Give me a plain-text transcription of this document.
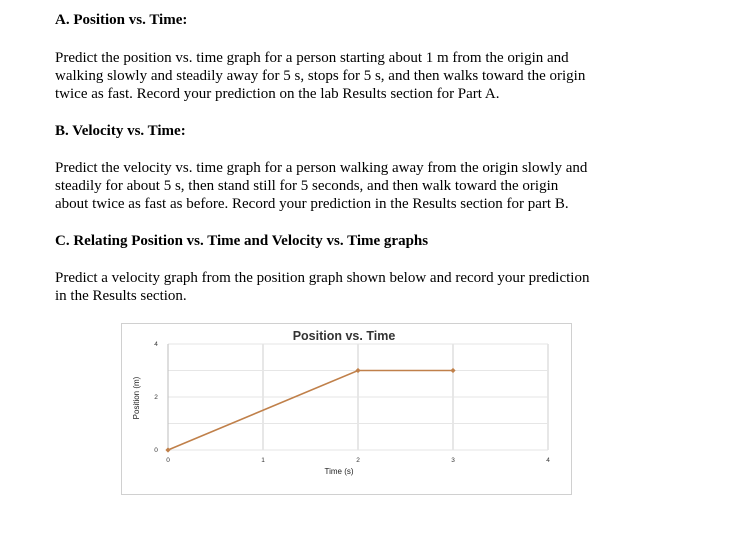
A. Position vs. Time:
Predict the position vs. time graph for a person starting about 1 m from the origin and
walking slowly and steadily away for 5 s, stops for 5 s, and then walks toward the origin
twice as fast. Record your prediction on the lab Results section for Part A.
B. Velocity vs. Time:
Predict the velocity vs. time graph for a person walking away from the origin slowly and
steadily for about 5 s, then stand still for 5 seconds, and then walk toward the origin
about twice as fast as before. Record your prediction in the Results section for part B.
C. Relating Position vs. Time and Velocity vs. Time graphs
Predict a velocity graph from the position graph shown below and record your prediction
in the Results section.
Position vs. Time
0	1	2	3	4
0
2
4
Time (s)
Position (m)
